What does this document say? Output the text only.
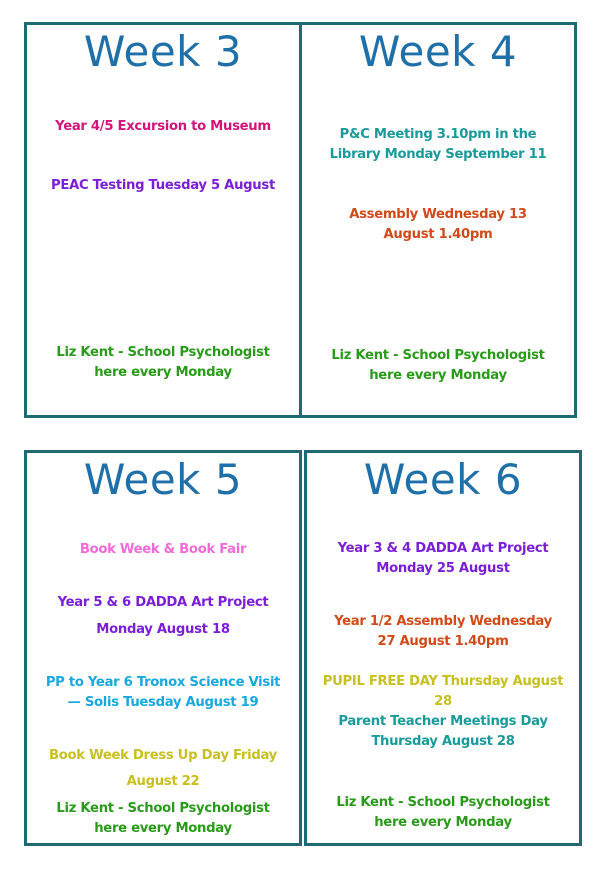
Week 3
Year 4/5 Excursion to Museum
PEAC Testing Tuesday 5 August
Liz Kent - School Psychologist here every Monday
Week 4
P&C Meeting 3.10pm in the Library Monday September 11
Assembly Wednesday 13 August 1.40pm
Liz Kent - School Psychologist here every Monday
Week 5
Book Week & Book Fair
Year 5 & 6 DADDA Art Project
Monday August 18
PP to Year 6 Tronox Science Visit— Solis Tuesday August 19
Book Week Dress Up Day Friday
August 22
Liz Kent - School Psychologist here every Monday
Week 6
Year 3 & 4 DADDA Art Project Monday 25 August
Year 1/2 Assembly Wednesday 27 August 1.40pm
PUPIL FREE DAY Thursday August 28
Parent Teacher Meetings Day Thursday August 28
Liz Kent - School Psychologist here every Monday
